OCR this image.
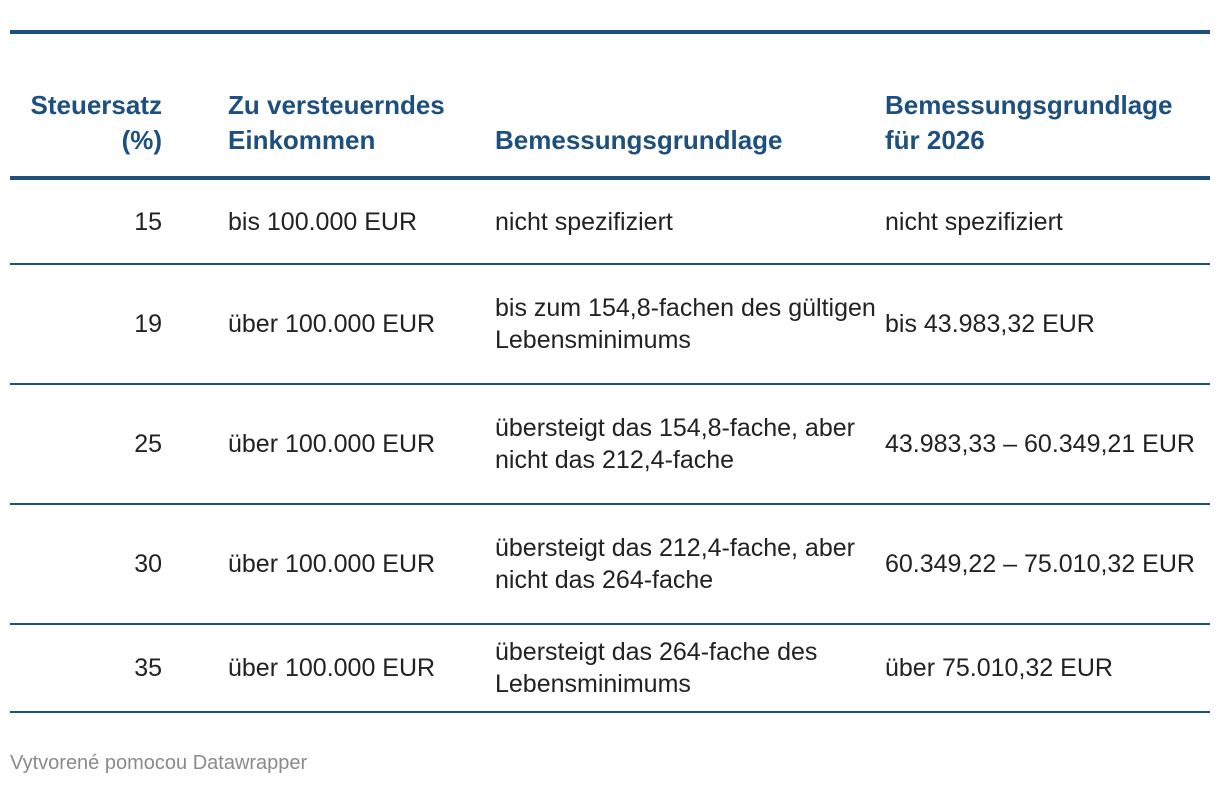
Steuersatz (%)		Zu versteuerndes Einkommen	Bemessungsgrundlage	Bemessungsgrundlage für 2026
15		bis 100.000 EUR	nicht spezifiziert	nicht spezifiziert
19		über 100.000 EUR	bis zum 154,8-fachen des gültigen Lebensminimums	bis 43.983,32 EUR
25		über 100.000 EUR	übersteigt das 154,8-fache, aber nicht das 212,4-fache	43.983,33 – 60.349,21 EUR
30		über 100.000 EUR	übersteigt das 212,4-fache, aber nicht das 264-fache	60.349,22 – 75.010,32 EUR
35		über 100.000 EUR	übersteigt das 264-fache des Lebensminimums	über 75.010,32 EUR
Vytvorené pomocou Datawrapper
